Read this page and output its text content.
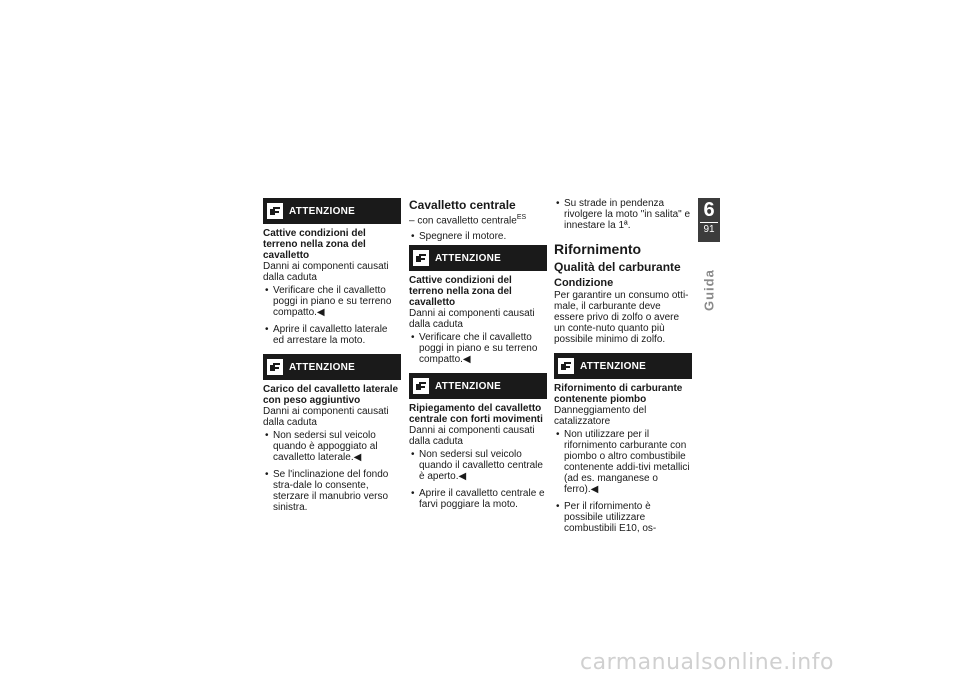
ATTENZIONE
Cattive condizioni del terreno nella zona del cavalletto
Danni ai componenti causati dalla caduta
• Verificare che il cavalletto poggi in piano e su terreno compatto.◀
• Aprire il cavalletto laterale ed arrestare la moto.
ATTENZIONE
Carico del cavalletto laterale con peso aggiuntivo
Danni ai componenti causati dalla caduta
• Non sedersi sul veicolo quando è appoggiato al cavalletto laterale.◀
• Se l'inclinazione del fondo stra-dale lo consente, sterzare il manubrio verso sinistra.
Cavalletto centrale
– con cavalletto centrale$^{ES}$
• Spegnere il motore.
ATTENZIONE
Cattive condizioni del terreno nella zona del cavalletto
Danni ai componenti causati dalla caduta
• Verificare che il cavalletto poggi in piano e su terreno compatto.◀
ATTENZIONE
Ripiegamento del cavalletto centrale con forti movimenti
Danni ai componenti causati dalla caduta
• Non sedersi sul veicolo quando il cavalletto centrale è aperto.◀
• Aprire il cavalletto centrale e farvi poggiare la moto.
• Su strade in pendenza rivolgere la moto "in salita" e innestare la 1ª.
Rifornimento
Qualità del carburante
Condizione
Per garantire un consumo otti-male, il carburante deve essere privo di zolfo o avere un conte-nuto quanto più possibile minimo di zolfo.
ATTENZIONE
Rifornimento di carburante contenente piombo
Danneggiamento del catalizzatore
• Non utilizzare per il rifornimento carburante con piombo o altro combustibile contenente addi-tivi metallici (ad es. manganese o ferro).◀
• Per il rifornimento è possibile utilizzare combustibili E10, os-
6
91
Guida
carmanualsonline.info
